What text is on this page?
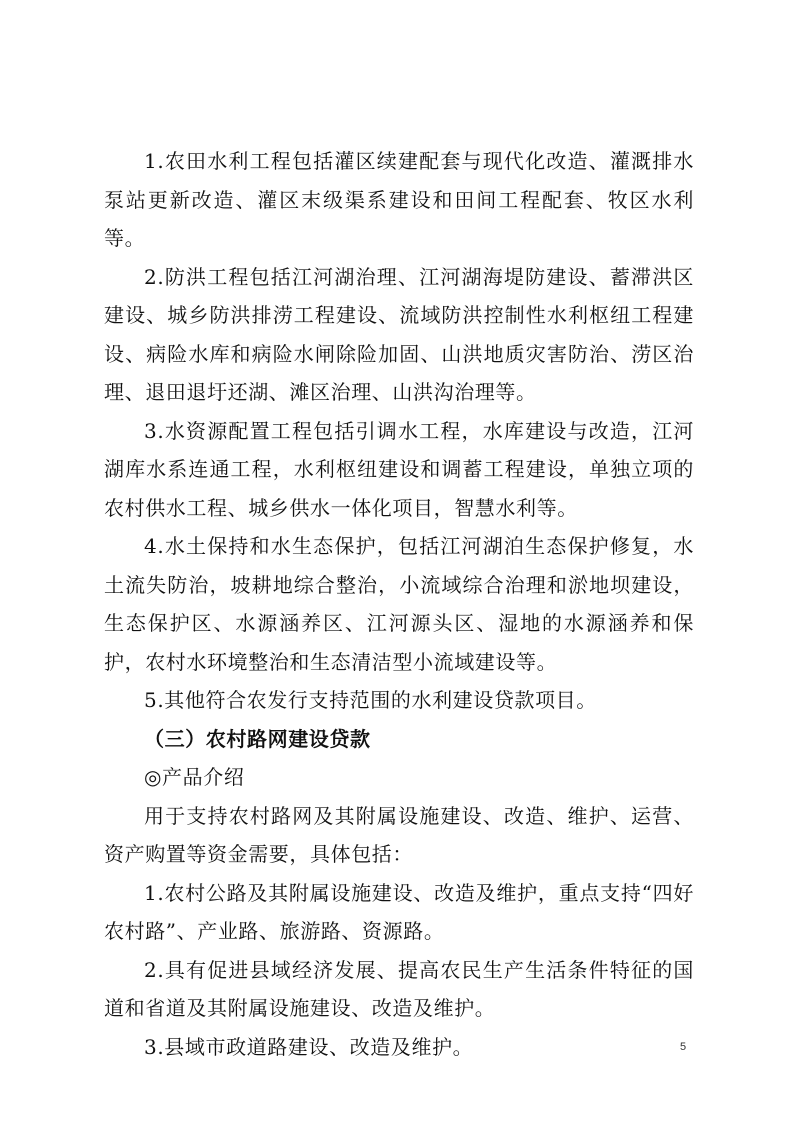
1.农田水利工程包括灌区续建配套与现代化改造、灌溉排水泵站更新改造、灌区末级渠系建设和田间工程配套、牧区水利等。

2.防洪工程包括江河湖治理、江河湖海堤防建设、蓄滞洪区建设、城乡防洪排涝工程建设、流域防洪控制性水利枢纽工程建设、病险水库和病险水闸除险加固、山洪地质灾害防治、涝区治理、退田退圩还湖、滩区治理、山洪沟治理等。

3.水资源配置工程包括引调水工程，水库建设与改造，江河湖库水系连通工程，水利枢纽建设和调蓄工程建设，单独立项的农村供水工程、城乡供水一体化项目，智慧水利等。

4.水土保持和水生态保护，包括江河湖泊生态保护修复，水土流失防治，坡耕地综合整治，小流域综合治理和淤地坝建设，生态保护区、水源涵养区、江河源头区、湿地的水源涵养和保护，农村水环境整治和生态清洁型小流域建设等。

5.其他符合农发行支持范围的水利建设贷款项目。

（三）农村路网建设贷款

◎产品介绍

用于支持农村路网及其附属设施建设、改造、维护、运营、资产购置等资金需要，具体包括：

1.农村公路及其附属设施建设、改造及维护，重点支持“四好农村路”、产业路、旅游路、资源路。

2.具有促进县域经济发展、提高农民生产生活条件特征的国道和省道及其附属设施建设、改造及维护。

3.县域市政道路建设、改造及维护。	5
